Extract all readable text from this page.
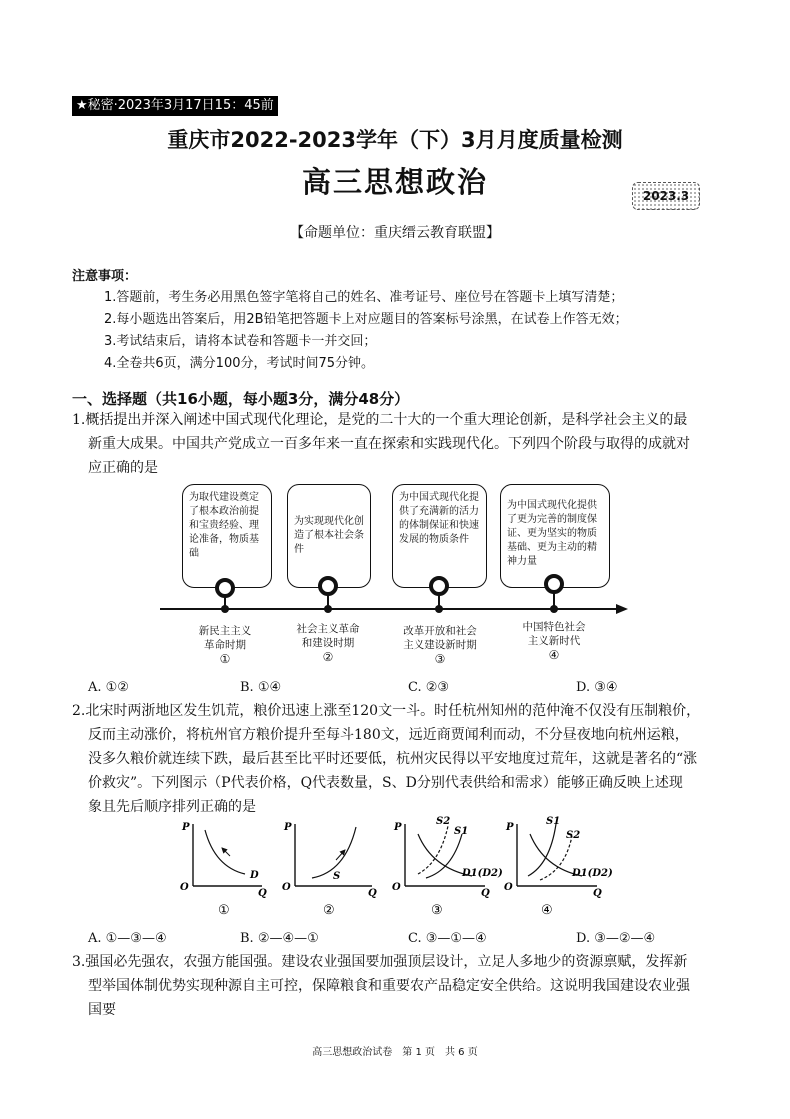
★秘密·2023年3月17日15：45前
重庆市2022-2023学年（下）3月月度质量检测
高三思想政治	2023.3
【命题单位：重庆缙云教育联盟】
注意事项：
1.答题前，考生务必用黑色签字笔将自己的姓名、准考证号、座位号在答题卡上填写清楚；
2.每小题选出答案后，用2B铅笔把答题卡上对应题目的答案标号涂黑，在试卷上作答无效；
3.考试结束后，请将本试卷和答题卡一并交回；
4.全卷共6页，满分100分，考试时间75分钟。
一、选择题（共16小题，每小题3分，满分48分）
1.概括提出并深入阐述中国式现代化理论，是党的二十大的一个重大理论创新，是科学社会主义的最
新重大成果。中国共产党成立一百多年来一直在探索和实践现代化。下列四个阶段与取得的成就对
应正确的是
为取代建设奠定了根本政治前提和宝贵经验、理论准备，物质基础
为实现现代化创造了根本社会条件
为中国式现代化提供了充满新的活力的体制保证和快速发展的物质条件
为中国式现代化提供了更为完善的制度保证、更为坚实的物质基础、更为主动的精神力量
新民主主义
革命时期
①
社会主义革命
和建设时期
②
改革开放和社会
主义建设新时期
③
中国特色社会
主义新时代
④
A. ①②	B. ①④	C. ②③	D. ③④
2.北宋时两浙地区发生饥荒，粮价迅速上涨至120文一斗。时任杭州知州的范仲淹不仅没有压制粮价，
反而主动涨价，将杭州官方粮价提升至每斗180文，远近商贾闻利而动，不分昼夜地向杭州运粮，
没多久粮价就连续下跌，最后甚至比平时还要低，杭州灾民得以平安地度过荒年，这就是著名的“涨
价救灾”。下列图示（P代表价格，Q代表数量，S、D分别代表供给和需求）能够正确反映上述现
象且先后顺序排列正确的是
P
O
Q
D
P
O
Q
S
P
O
Q
S2
S1
D1(D2)
P
O
Q
S1
S2
D1(D2)
①	②	③	④
A. ①—③—④	B. ②—④—①	C. ③—①—④	D. ③—②—④
3.强国必先强农，农强方能国强。建设农业强国要加强顶层设计，立足人多地少的资源禀赋，发挥新
型举国体制优势实现种源自主可控，保障粮食和重要农产品稳定安全供给。这说明我国建设农业强
国要
高三思想政治试卷　第 1 页　共 6 页
